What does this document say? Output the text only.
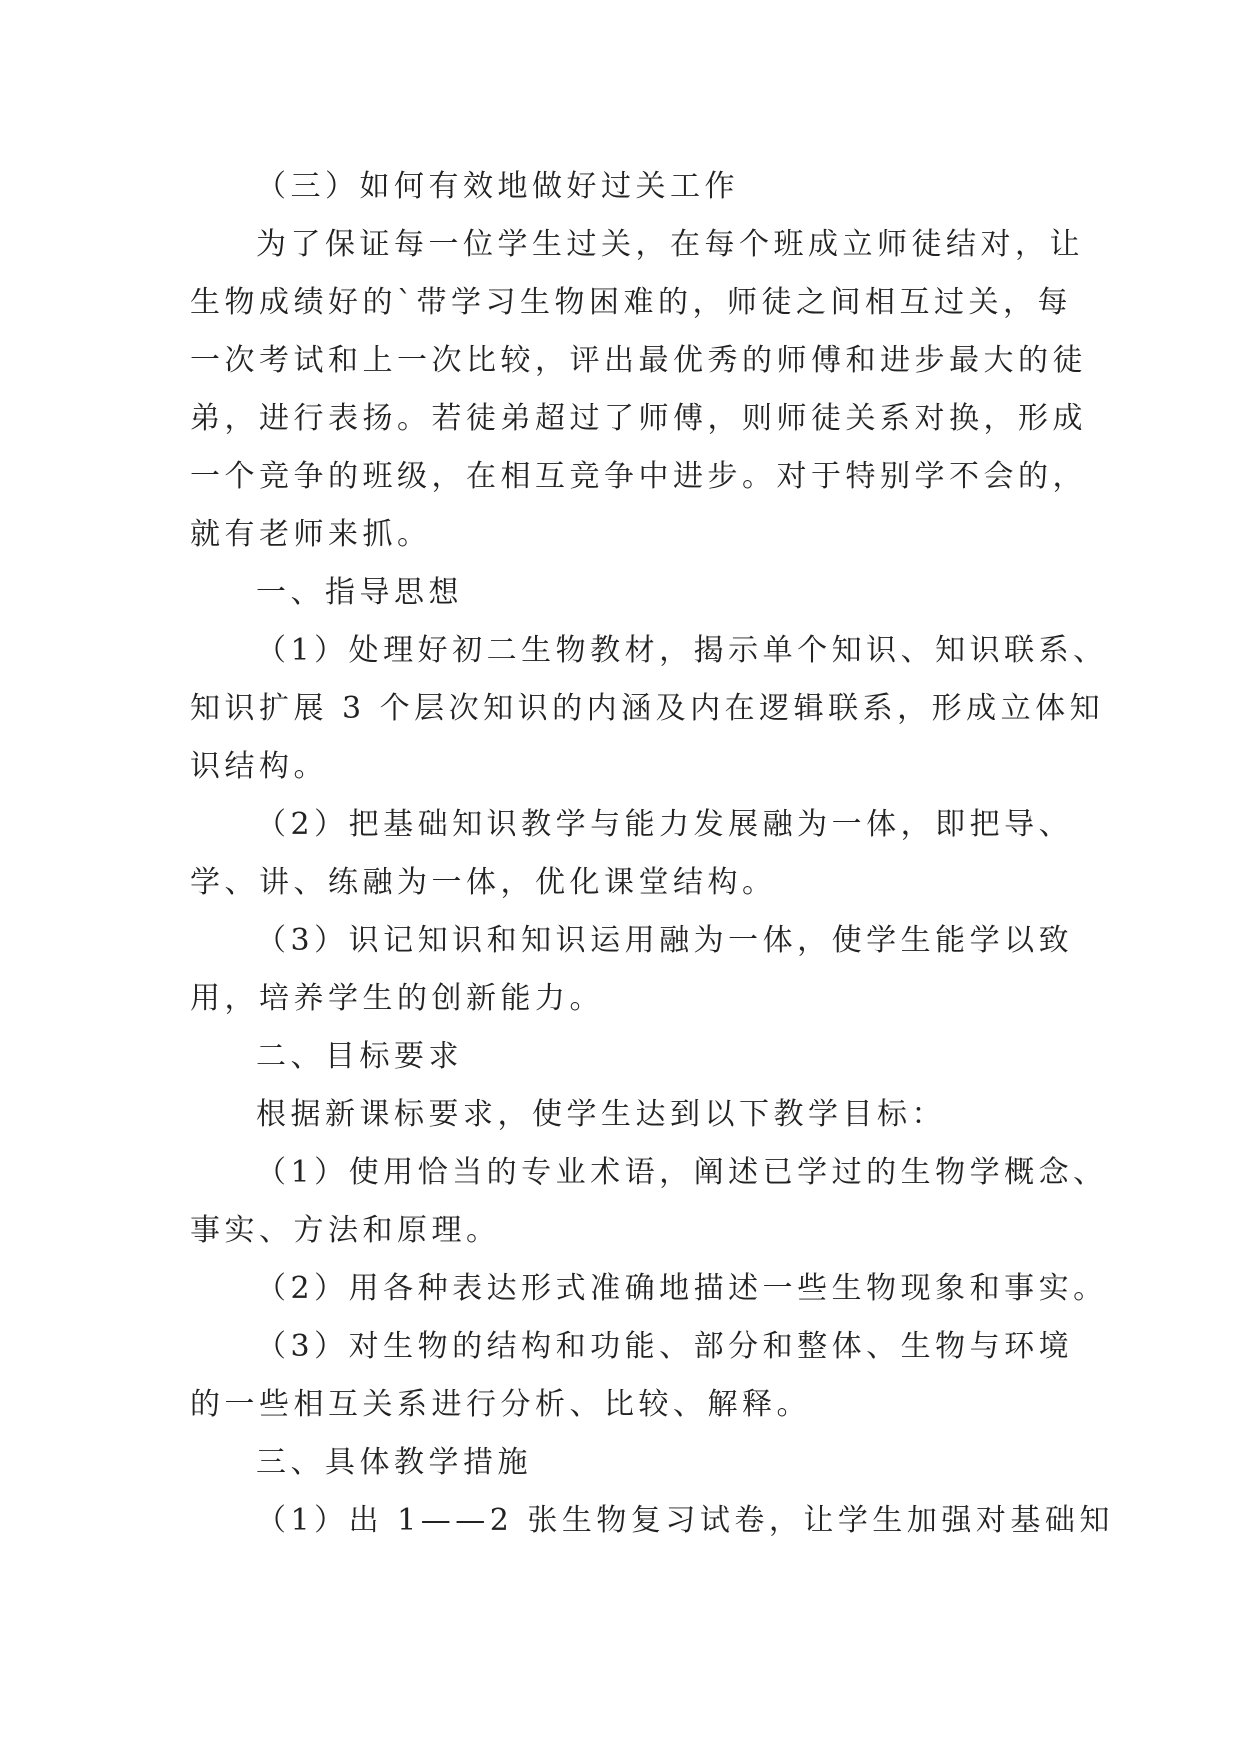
（三）如何有效地做好过关工作
为了保证每一位学生过关，在每个班成立师徒结对，让
生物成绩好的`带学习生物困难的，师徒之间相互过关，每
一次考试和上一次比较，评出最优秀的师傅和进步最大的徒
弟，进行表扬。若徒弟超过了师傅，则师徒关系对换，形成
一个竞争的班级，在相互竞争中进步。对于特别学不会的，
就有老师来抓。
一、指导思想
（1）处理好初二生物教材，揭示单个知识、知识联系、
知识扩展 3 个层次知识的内涵及内在逻辑联系，形成立体知
识结构。
（2）把基础知识教学与能力发展融为一体，即把导、
学、讲、练融为一体，优化课堂结构。
（3）识记知识和知识运用融为一体，使学生能学以致
用，培养学生的创新能力。
二、目标要求
根据新课标要求，使学生达到以下教学目标：
（1）使用恰当的专业术语，阐述已学过的生物学概念、
事实、方法和原理。
（2）用各种表达形式准确地描述一些生物现象和事实。
（3）对生物的结构和功能、部分和整体、生物与环境
的一些相互关系进行分析、比较、解释。
三、具体教学措施
（1）出 1——2 张生物复习试卷，让学生加强对基础知
